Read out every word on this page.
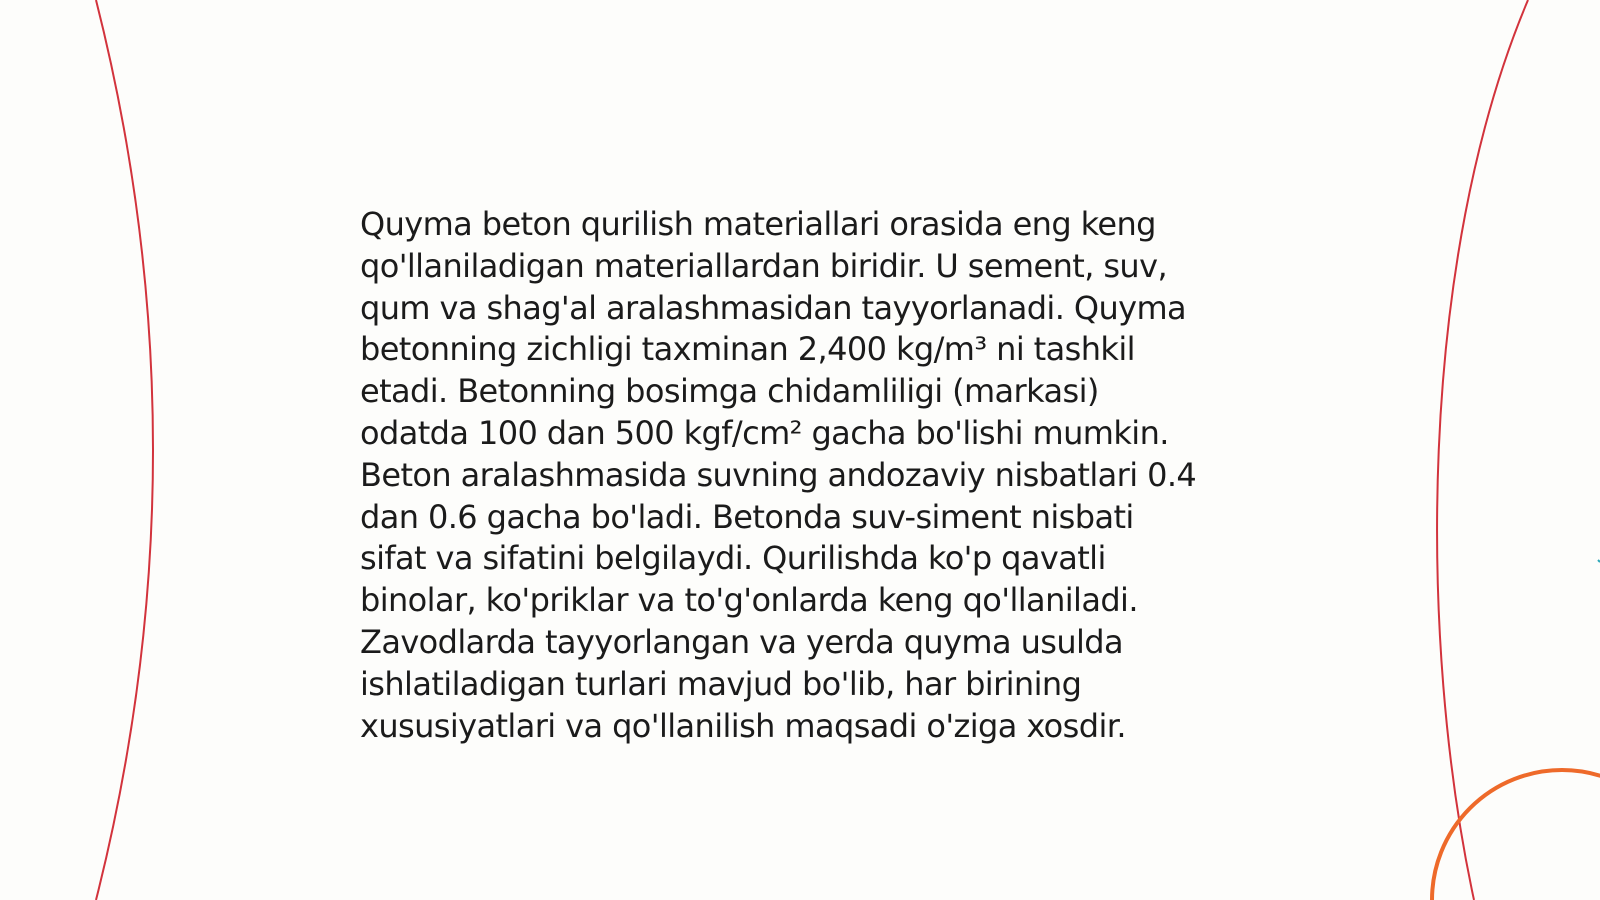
Quyma beton qurilish materiallari orasida eng keng
qo'llaniladigan materiallardan biridir. U sement, suv,
qum va shag'al aralashmasidan tayyorlanadi. Quyma
betonning zichligi taxminan 2,400 kg/m³ ni tashkil
etadi. Betonning bosimga chidamliligi (markasi)
odatda 100 dan 500 kgf/cm² gacha bo'lishi mumkin.
Beton aralashmasida suvning andozaviy nisbatlari 0.4
dan 0.6 gacha bo'ladi. Betonda suv-siment nisbati
sifat va sifatini belgilaydi. Qurilishda ko'p qavatli
binolar, ko'priklar va to'g'onlarda keng qo'llaniladi.
Zavodlarda tayyorlangan va yerda quyma usulda
ishlatiladigan turlari mavjud bo'lib, har birining
xususiyatlari va qo'llanilish maqsadi o'ziga xosdir.
